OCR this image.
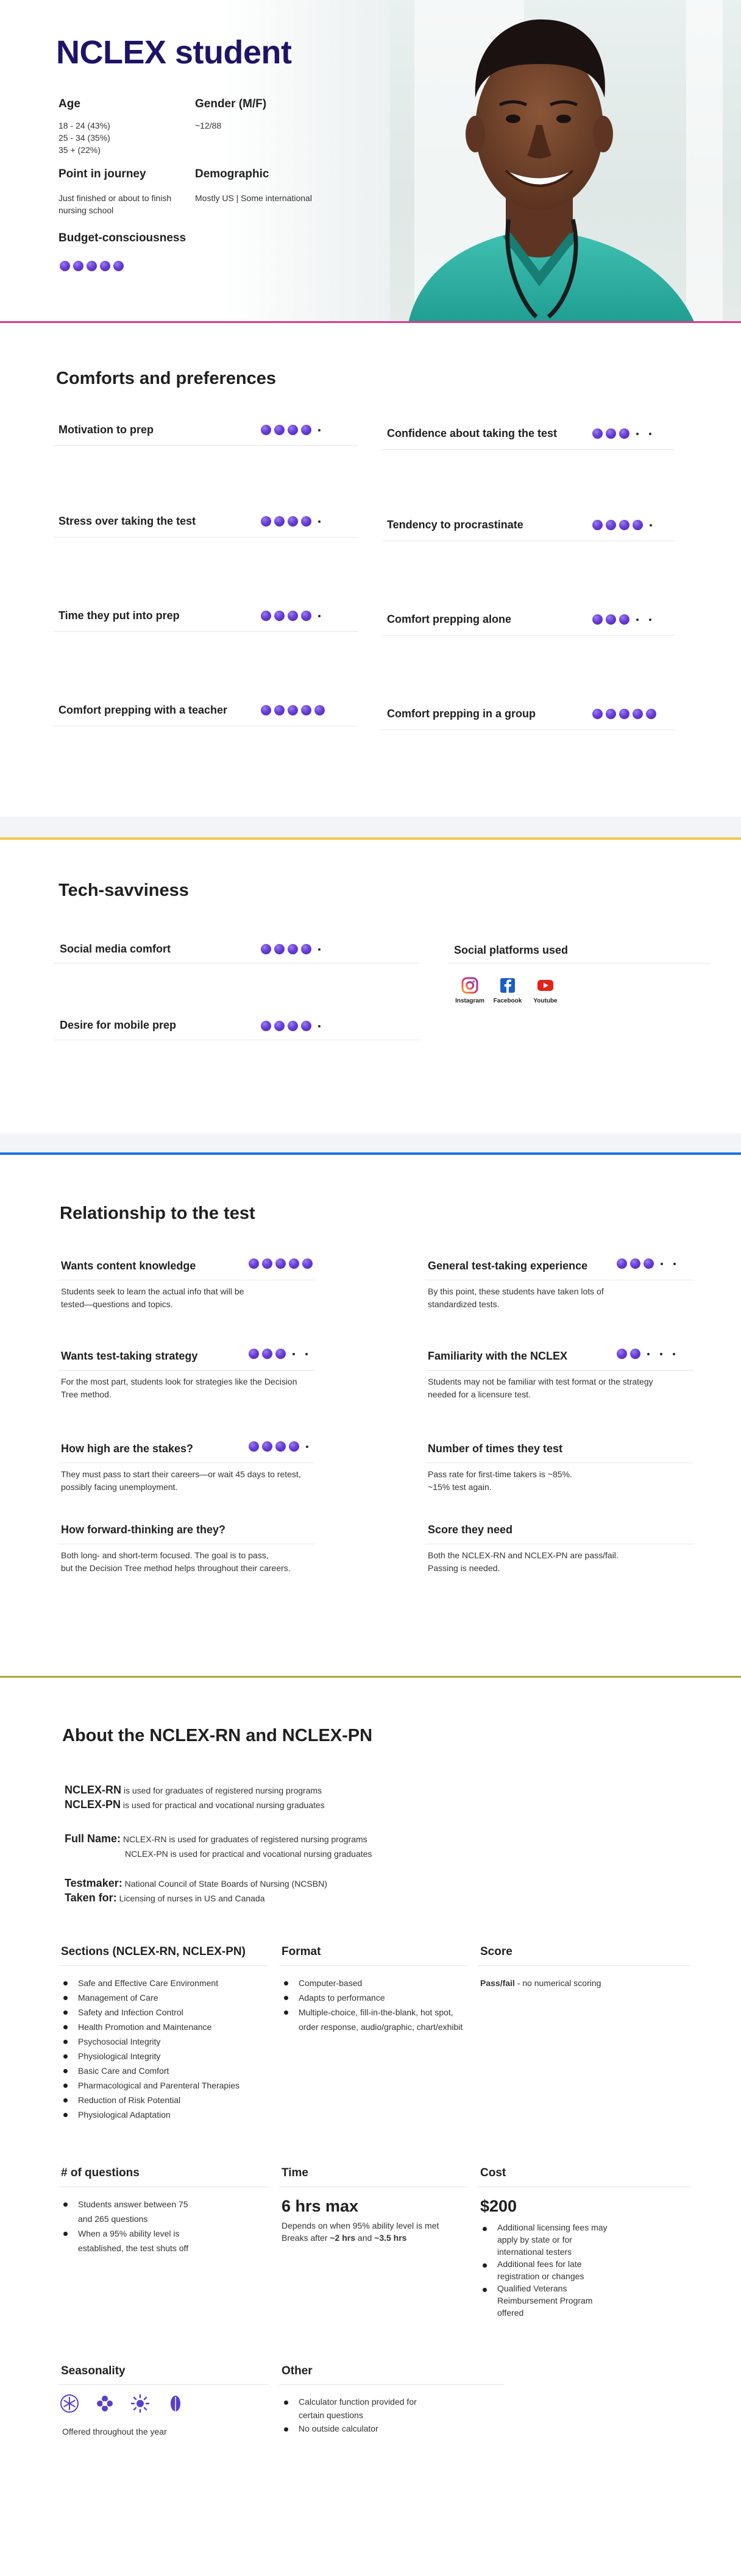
NCLEX student
Age
18 - 24 (43%)
25 - 34 (35%)
35 + (22%)
Gender (M/F)
~12/88
Point in journey
Just finished or about to finish nursing school
Demographic
Mostly US | Some international
Budget-consciousness
Comforts and preferences
Motivation to prep	Confidence about taking the test
Stress over taking the test	Tendency to procrastinate
Time they put into prep	Comfort prepping alone
Comfort prepping with a teacher	Comfort prepping in a group
Tech-savviness
Social media comfort
Desire for mobile prep
Social platforms used
Instagram Facebook Youtube
Relationship to the test
Wants content knowledge
Students seek to learn the actual info that will be
tested—questions and topics.
General test-taking experience
By this point, these students have taken lots of
standardized tests.
Wants test-taking strategy
For the most part, students look for strategies like the Decision
Tree method.
Familiarity with the NCLEX
Students may not be familiar with test format or the strategy
needed for a licensure test.
How high are the stakes?
They must pass to start their careers—or wait 45 days to retest,
possibly facing unemployment.
Number of times they test
Pass rate for first-time takers is ~85%.
~15% test again.
How forward-thinking are they?
Both long- and short-term focused. The goal is to pass,
but the Decision Tree method helps throughout their careers.
Score they need
Both the NCLEX-RN and NCLEX-PN are pass/fail.
Passing is needed.
About the NCLEX-RN and NCLEX-PN
NCLEX-RN is used for graduates of registered nursing programs
NCLEX-PN is used for practical and vocational nursing graduates
Full Name: NCLEX-RN is used for graduates of registered nursing programs
NCLEX-PN is used for practical and vocational nursing graduates
Testmaker: National Council of State Boards of Nursing (NCSBN)
Taken for: Licensing of nurses in US and Canada
Sections (NCLEX-RN, NCLEX-PN)
Safe and Effective Care Environment
Management of Care
Safety and Infection Control
Health Promotion and Maintenance
Psychosocial Integrity
Physiological Integrity
Basic Care and Comfort
Pharmacological and Parenteral Therapies
Reduction of Risk Potential
Physiological Adaptation
Format
Computer-based
Adapts to performance
Multiple-choice, fill-in-the-blank, hot spot, order response, audio/graphic, chart/exhibit
Score
Pass/fail - no numerical scoring
# of questions
Students answer between 75 and 265 questions
When a 95% ability level is established, the test shuts off
Time
6 hrs max
Depends on when 95% ability level is met
Breaks after ~2 hrs and ~3.5 hrs
Cost
$200
Additional licensing fees may apply by state or for international testers
Additional fees for late registration or changes
Qualified Veterans Reimbursement Program offered
Seasonality
Offered throughout the year
Other
Calculator function provided for certain questions
No outside calculator
